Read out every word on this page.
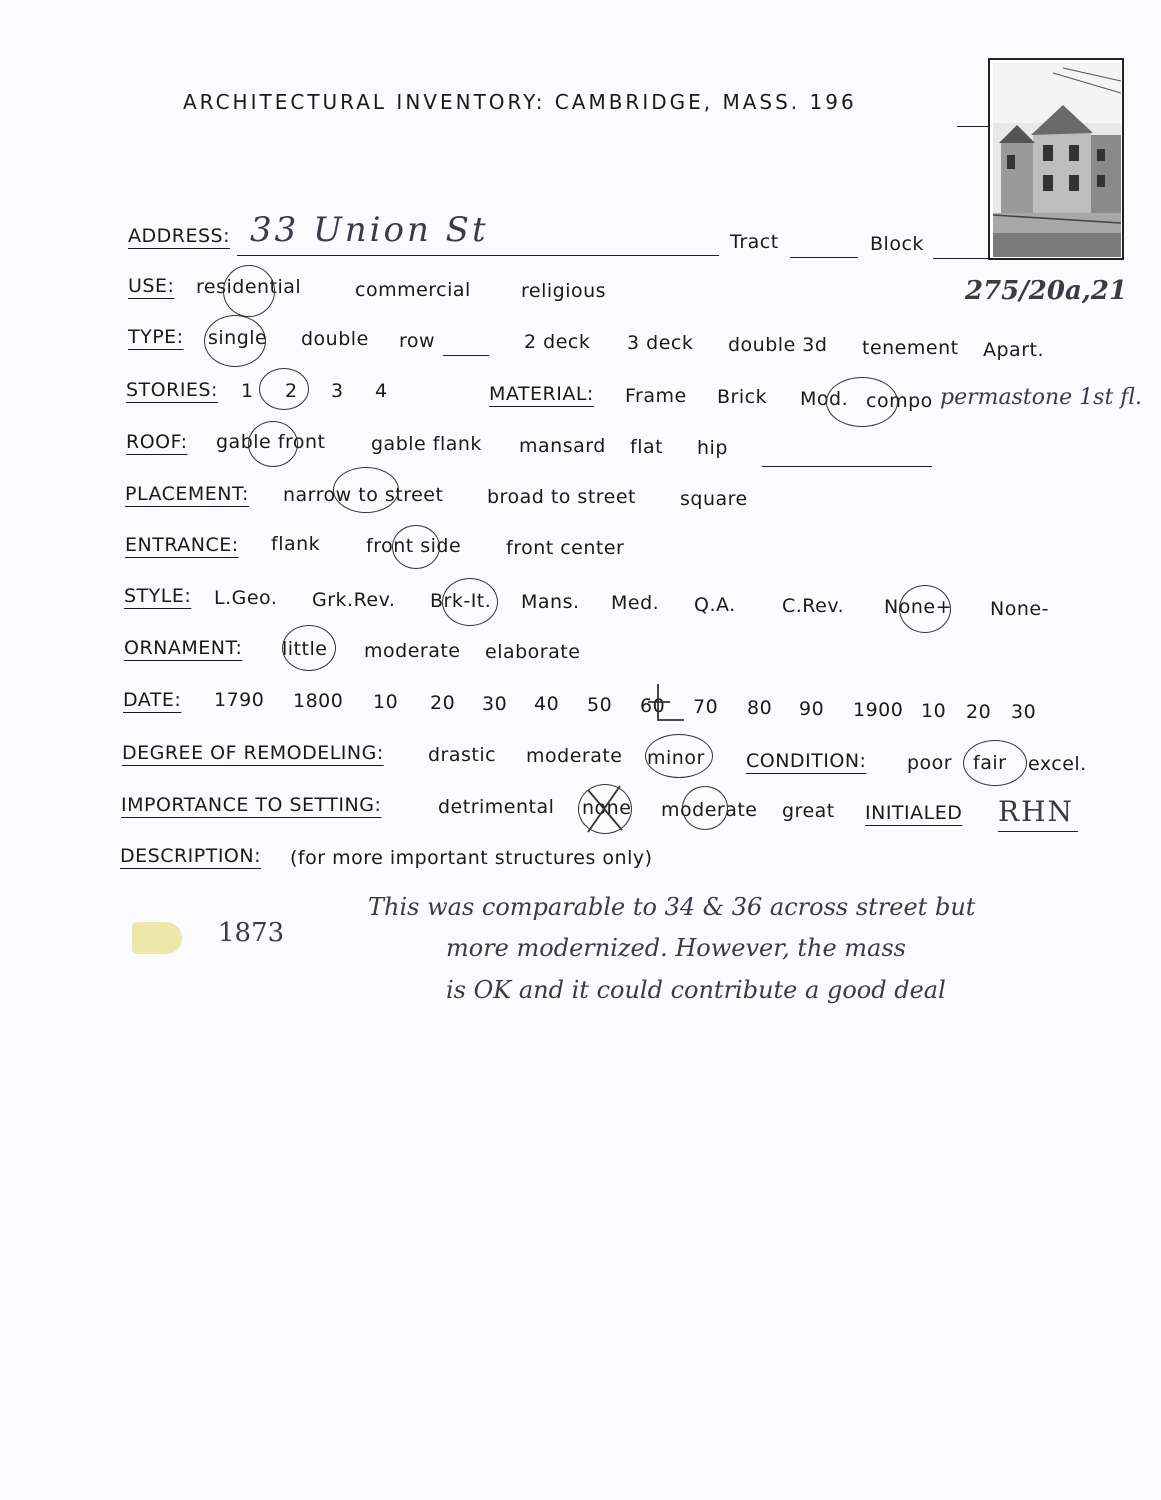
ARCHITECTURAL INVENTORY: CAMBRIDGE, MASS. 196
ADDRESS: 33 Union St	Tract	Block
275/20a,21
USE: residential	commercial	religious
TYPE: single double row	2 deck 3 deck double 3d tenement Apart.
STORIES: 1 2 3 4	MATERIAL: Frame Brick Mod. compo permastone 1st fl.
ROOF: gable front gable flank mansard flat hip
PLACEMENT: narrow to street broad to street square
ENTRANCE: flank front side front center
STYLE: L.Geo. Grk.Rev. Brk-It. Mans. Med. Q.A. C.Rev. None+ None-
ORNAMENT: little moderate elaborate
DATE: 1790 1800 10 20 30 40 50 60 70 80 90 1900 10 20 30
DEGREE OF REMODELING: drastic moderate minor CONDITION: poor fair excel.
IMPORTANCE TO SETTING:	detrimental none moderate great INITIALED RHN
DESCRIPTION: (for more important structures only)
1873
This was comparable to 34 & 36 across street but
more modernized. However, the mass
is OK and it could contribute a good deal
